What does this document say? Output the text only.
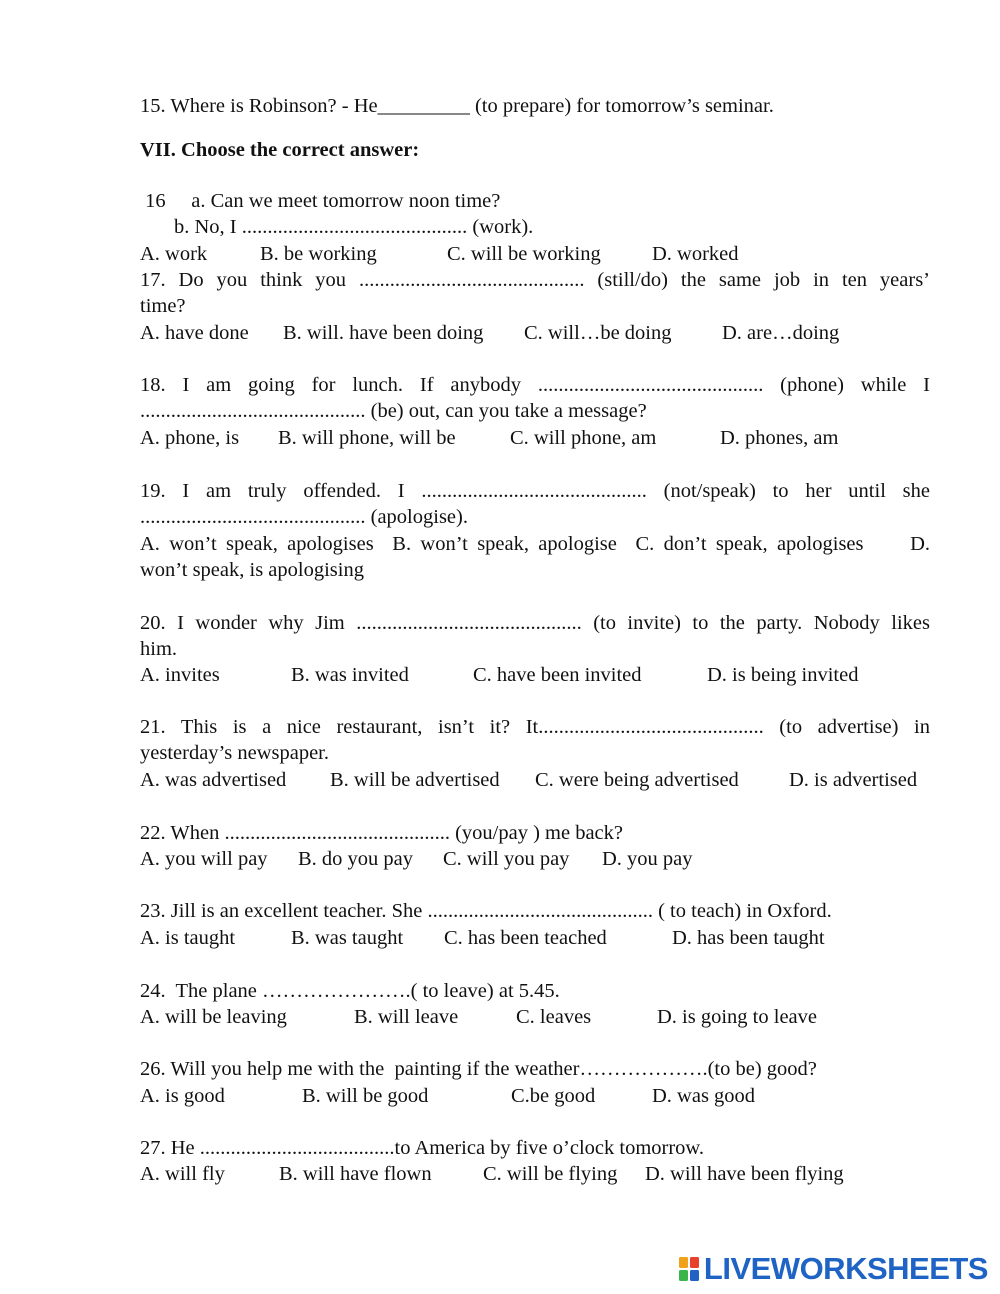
15. Where is Robinson? - He_________ (to prepare) for tomorrow’s seminar.
VII. Choose the correct answer:
16     a. Can we meet tomorrow noon time?
b. No, I ............................................ (work).
A. work	B. be working	C. will be working	D. worked
17. Do you think you ............................................ (still/do) the same job in ten years’
time?
A. have done B. will. have been doing C. will…be doing D. are…doing
18. I am going for lunch. If anybody ............................................ (phone) while I
............................................ (be) out, can you take a message?
A. phone, is B. will phone, will be	C. will phone, am	D. phones, am
19. I am truly offended. I ............................................ (not/speak) to her until she
............................................ (apologise).
A. won’t speak, apologises  B. won’t speak, apologise  C. don’t speak, apologises     D.
won’t speak, is apologising
20. I wonder why Jim ............................................ (to invite) to the party. Nobody likes
him.
A. invites	B. was invited	C. have been invited	D. is being invited
21. This is a nice restaurant, isn’t it? It............................................ (to advertise) in
yesterday’s newspaper.
A. was advertised B. will be advertised C. were being advertised D. is advertised
22. When ............................................ (you/pay ) me back?
A. you will pay B. do you pay C. will you pay D. you pay
23. Jill is an excellent teacher. She ............................................ ( to teach) in Oxford.
A. is taught	B. was taught C. has been teached	D. has been taught
24.  The plane ………………….( to leave) at 5.45.
A. will be leaving	B. will leave	C. leaves	D. is going to leave
26. Will you help me with the  painting if the weather……………….(to be) good?
A. is good	B. will be good	C.be good	D. was good
27. He ......................................to America by five o’clock tomorrow.
A. will fly	B. will have flown	C. will be flying D. will have been flying
LIVEWORKSHEETS
